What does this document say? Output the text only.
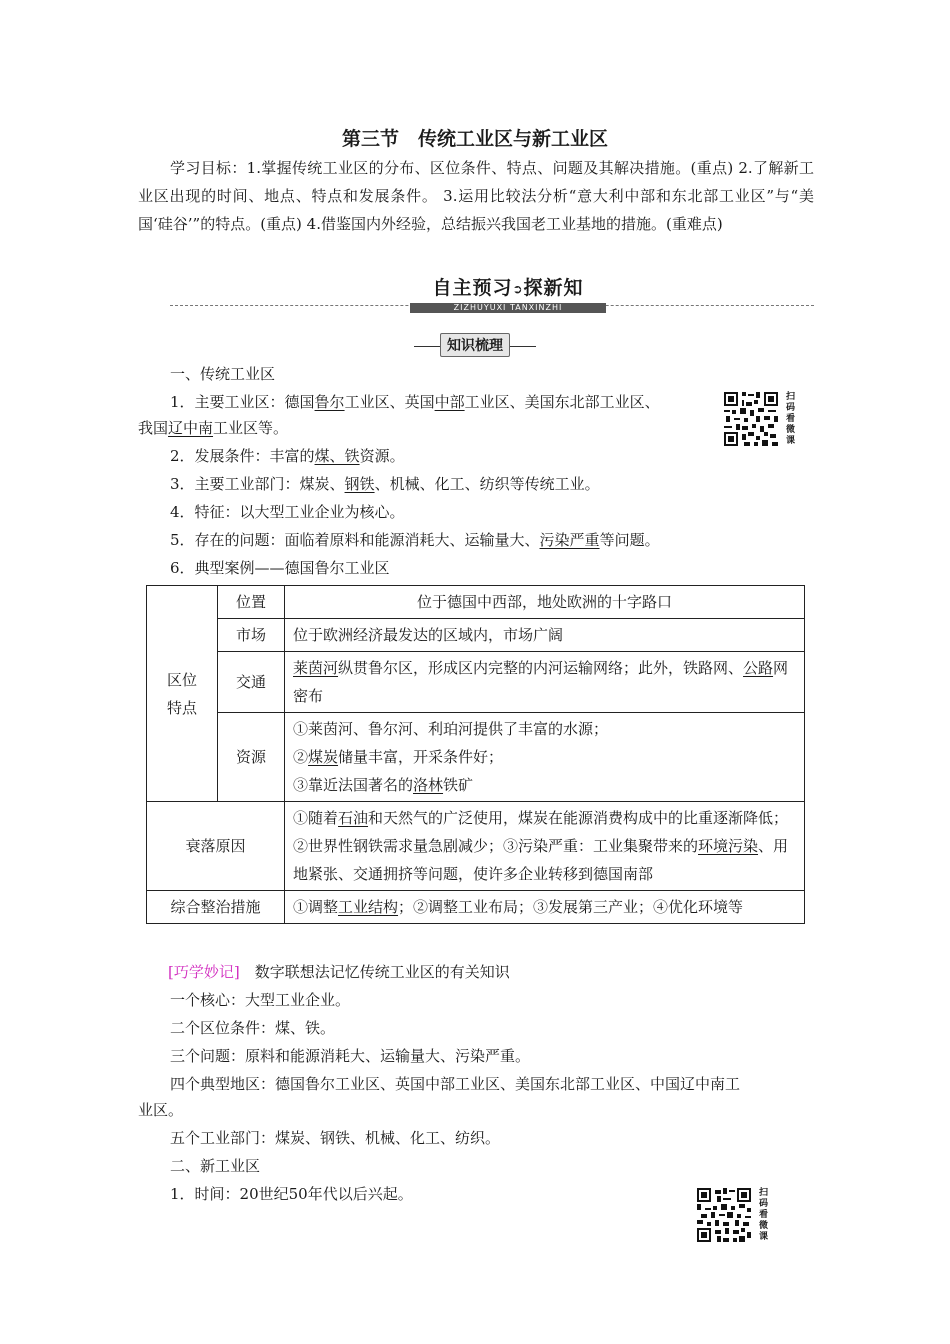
第三节　传统工业区与新工业区
学习目标：1.掌握传统工业区的分布、区位条件、特点、问题及其解决措施。(重点) 2.了解新工业区出现的时间、地点、特点和发展条件。 3.运用比较法分析“意大利中部和东北部工业区”与“美国‘硅谷’”的特点。(重点) 4.借鉴国内外经验，总结振兴我国老工业基地的措施。(重难点)
自主预习➲探新知
ZIZHUYUXI TANXINZHI
知识梳理
一、传统工业区
1．主要工业区：德国鲁尔工业区、英国中部工业区、美国东北部工业区、
我国辽中南工业区等。
扫码看微课
2．发展条件：丰富的煤、铁资源。
3．主要工业部门：煤炭、钢铁、机械、化工、纺织等传统工业。
4．特征：以大型工业企业为核心。
5．存在的问题：面临着原料和能源消耗大、运输量大、污染严重等问题。
6．典型案例——德国鲁尔工业区
区位
特点	位置	位于德国中西部，地处欧洲的十字路口
	市场	位于欧洲经济最发达的区域内，市场广阔
	交通	莱茵河纵贯鲁尔区，形成区内完整的内河运输网络；此外，铁路网、公路网密布
	资源	①莱茵河、鲁尔河、利珀河提供了丰富的水源；
②煤炭储量丰富，开采条件好；
③靠近法国著名的洛林铁矿

衰落原因		①随着石油和天然气的广泛使用，煤炭在能源消费构成中的比重逐渐降低；②世界性钢铁需求量急剧减少；③污染严重：工业集聚带来的环境污染、用地紧张、交通拥挤等问题，使许多企业转移到德国南部
综合整治措施		①调整工业结构；②调整工业布局；③发展第三产业；④优化环境等
[巧学妙记]　数字联想法记忆传统工业区的有关知识
一个核心：大型工业企业。
二个区位条件：煤、铁。
三个问题：原料和能源消耗大、运输量大、污染严重。
四个典型地区：德国鲁尔工业区、英国中部工业区、美国东北部工业区、中国辽中南工
业区。
五个工业部门：煤炭、钢铁、机械、化工、纺织。
二、新工业区
1．时间：20世纪50年代以后兴起。	扫码看微课
